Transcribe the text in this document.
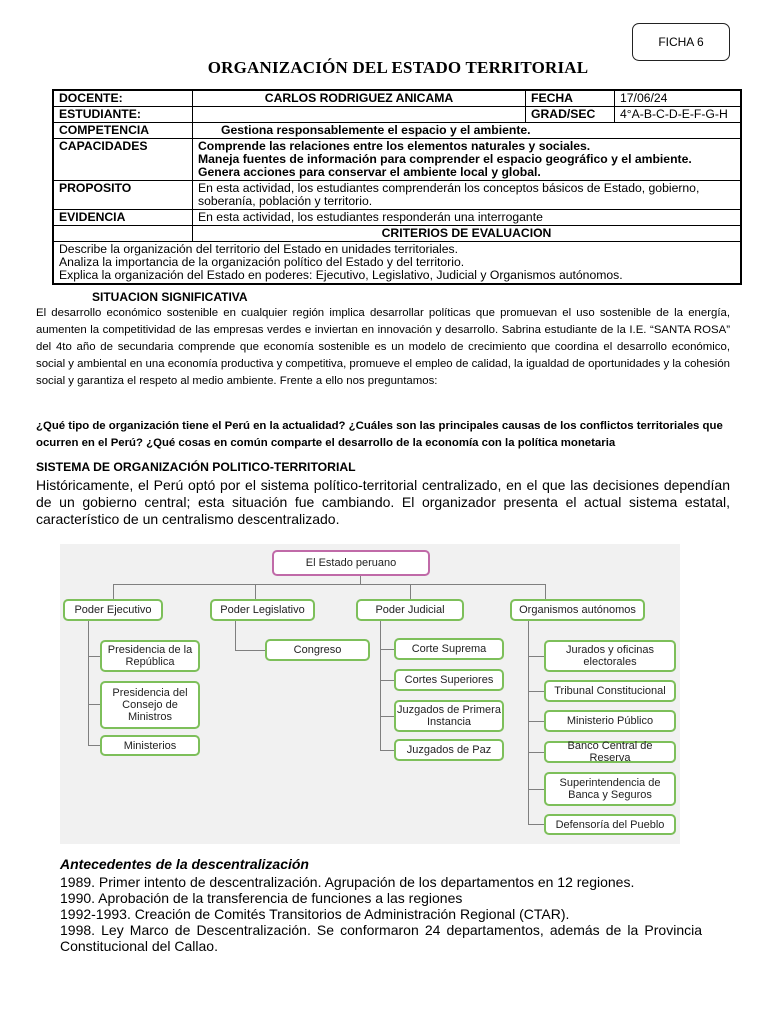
FICHA 6
ORGANIZACIÓN DEL ESTADO TERRITORIAL
DOCENTE:	CARLOS RODRIGUEZ ANICAMA	FECHA	17/06/24
ESTUDIANTE:		GRAD/SEC	4°A-B-C-D-E-F-G-H
COMPETENCIA	Gestiona responsablemente el espacio y el ambiente.		
CAPACIDADES	Comprende las relaciones entre los elementos naturales y sociales.
Maneja fuentes de información para comprender el espacio geográfico y el ambiente.
Genera acciones para conservar el ambiente local y global.		

PROPOSITO	En esta actividad, los estudiantes comprenderán los conceptos básicos de Estado, gobierno, soberanía, población y territorio.		
EVIDENCIA	En esta actividad, los estudiantes responderán una interrogante		
	CRITERIOS DE EVALUACION		

Describe la organización del territorio del Estado en unidades territoriales.
Analiza la importancia de la organización político del Estado y del territorio.
Explica la organización del Estado en poderes: Ejecutivo, Legislativo, Judicial y Organismos autónomos.			
SITUACION SIGNIFICATIVA
El desarrollo económico sostenible en cualquier región implica desarrollar políticas que promuevan el uso sostenible de la energía, aumenten la competitividad de las empresas verdes e inviertan en innovación y desarrollo. Sabrina estudiante de la I.E. “SANTA ROSA” del 4to año de secundaria comprende que economía sostenible es un modelo de crecimiento que coordina el desarrollo económico, social y ambiental en una economía productiva y competitiva, promueve el empleo de calidad, la igualdad de oportunidades y la cohesión social y garantiza el respeto al medio ambiente. Frente a ello nos preguntamos:
¿Qué tipo de organización tiene el Perú en la actualidad? ¿Cuáles son las principales causas de los conflictos territoriales que ocurren en el Perú? ¿Qué cosas en común comparte el desarrollo de la economía con la política monetaria
SISTEMA DE ORGANIZACIÓN POLITICO-TERRITORIAL
Históricamente, el Perú optó por el sistema político-territorial centralizado, en el que las decisiones dependían de un gobierno central; esta situación fue cambiando. El organizador presenta el actual sistema estatal, característico de un centralismo descentralizado.
El Estado peruano
Poder Ejecutivo	Poder Legislativo	Poder Judicial	Organismos autónomos
Presidencia de la República
Presidencia del Consejo de Ministros
Ministerios
Congreso	Corte Suprema
Cortes Superiores
Juzgados de Primera Instancia
Juzgados de Paz
Jurados y oficinas electorales
Tribunal Constitucional
Ministerio Público
Banco Central de Reserva
Superintendencia de Banca y Seguros
Defensoría del Pueblo
Antecedentes de la descentralización
1989. Primer intento de descentralización. Agrupación de los departamentos en 12 regiones.
1990. Aprobación de la transferencia de funciones a las regiones
1992-1993. Creación de Comités Transitorios de Administración Regional (CTAR).
1998. Ley Marco de Descentralización. Se conformaron 24 departamentos, además de la Provincia Constitucional del Callao.
